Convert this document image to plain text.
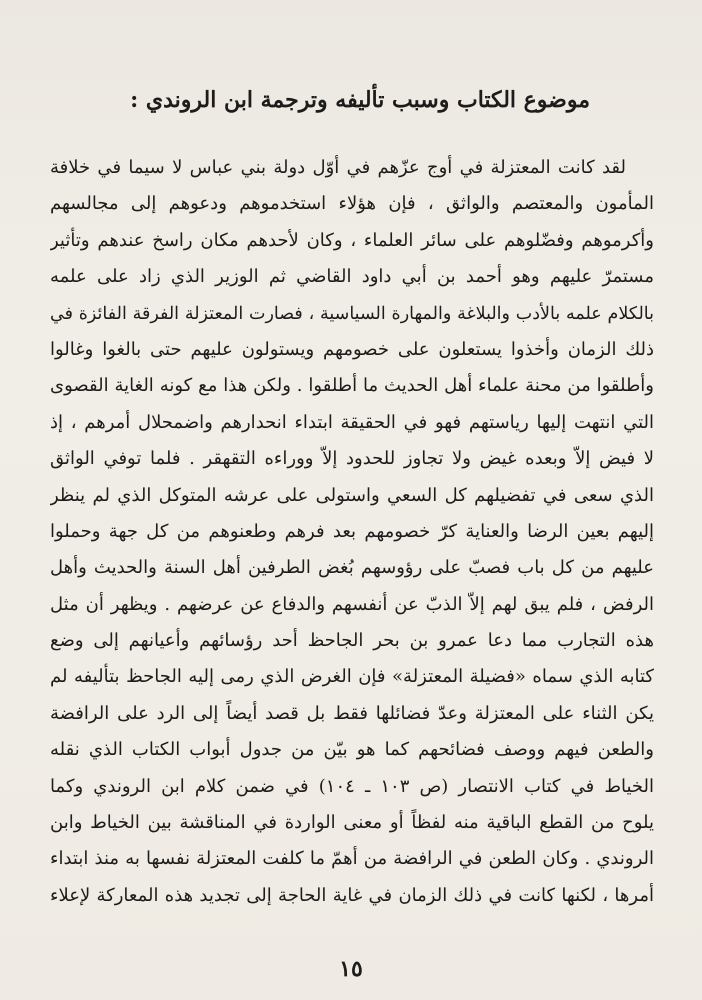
موضوع الكتاب وسبب تأليفه وترجمة ابن الروندي :
لقد كانت المعتزلة في أوج عزّهم في أوّل دولة بني عباس لا سيما في خلافة
المأمون والمعتصم والواثق ، فإن هؤلاء استخدموهم ودعوهم إلى مجالسهم
وأكرموهم وفضّلوهم على سائر العلماء ، وكان لأحدهم مكان راسخ عندهم وتأثير
مستمرّ عليهم وهو أحمد بن أبي داود القاضي ثم الوزير الذي زاد على علمه
بالكلام علمه بالأدب والبلاغة والمهارة السياسية ، فصارت المعتزلة الفرقة الفائزة في
ذلك الزمان وأخذوا يستعلون على خصومهم ويستولون عليهم حتى بالغوا وغالوا
وأطلقوا من محنة علماء أهل الحديث ما أطلقوا . ولكن هذا مع كونه الغاية القصوى
التي انتهت إليها رياستهم فهو في الحقيقة ابتداء انحدارهم واضمحلال أمرهم ، إذ
لا فيض إلاّ وبعده غيض ولا تجاوز للحدود إلاّ ووراءه التقهقر . فلما توفي الواثق
الذي سعى في تفضيلهم كل السعي واستولى على عرشه المتوكل الذي لم ينظر
إليهم بعين الرضا والعناية كرّ خصومهم بعد فرهم وطعنوهم من كل جهة وحملوا
عليهم من كل باب فصبّ على رؤوسهم بُغض الطرفين أهل السنة والحديث وأهل
الرفض ، فلم يبق لهم إلاّ الذبّ عن أنفسهم والدفاع عن عرضهم . ويظهر أن مثل
هذه التجارب مما دعا عمرو بن بحر الجاحظ أحد رؤسائهم وأعيانهم إلى وضع
كتابه الذي سماه «فضيلة المعتزلة» فإن الغرض الذي رمى إليه الجاحظ بتأليفه لم
يكن الثناء على المعتزلة وعدّ فضائلها فقط بل قصد أيضاً إلى الرد على الرافضة
والطعن فيهم ووصف فضائحهم كما هو بيّن من جدول أبواب الكتاب الذي نقله
الخياط في كتاب الانتصار (ص ١٠٣ ـ ١٠٤) في ضمن كلام ابن الروندي وكما
يلوح من القطع الباقية منه لفظاً أو معنى الواردة في المناقشة بين الخياط وابن
الروندي . وكان الطعن في الرافضة من أهمّ ما كلفت المعتزلة نفسها به منذ ابتداء
أمرها ، لكنها كانت في ذلك الزمان في غاية الحاجة إلى تجديد هذه المعاركة لإعلاء
١٥
